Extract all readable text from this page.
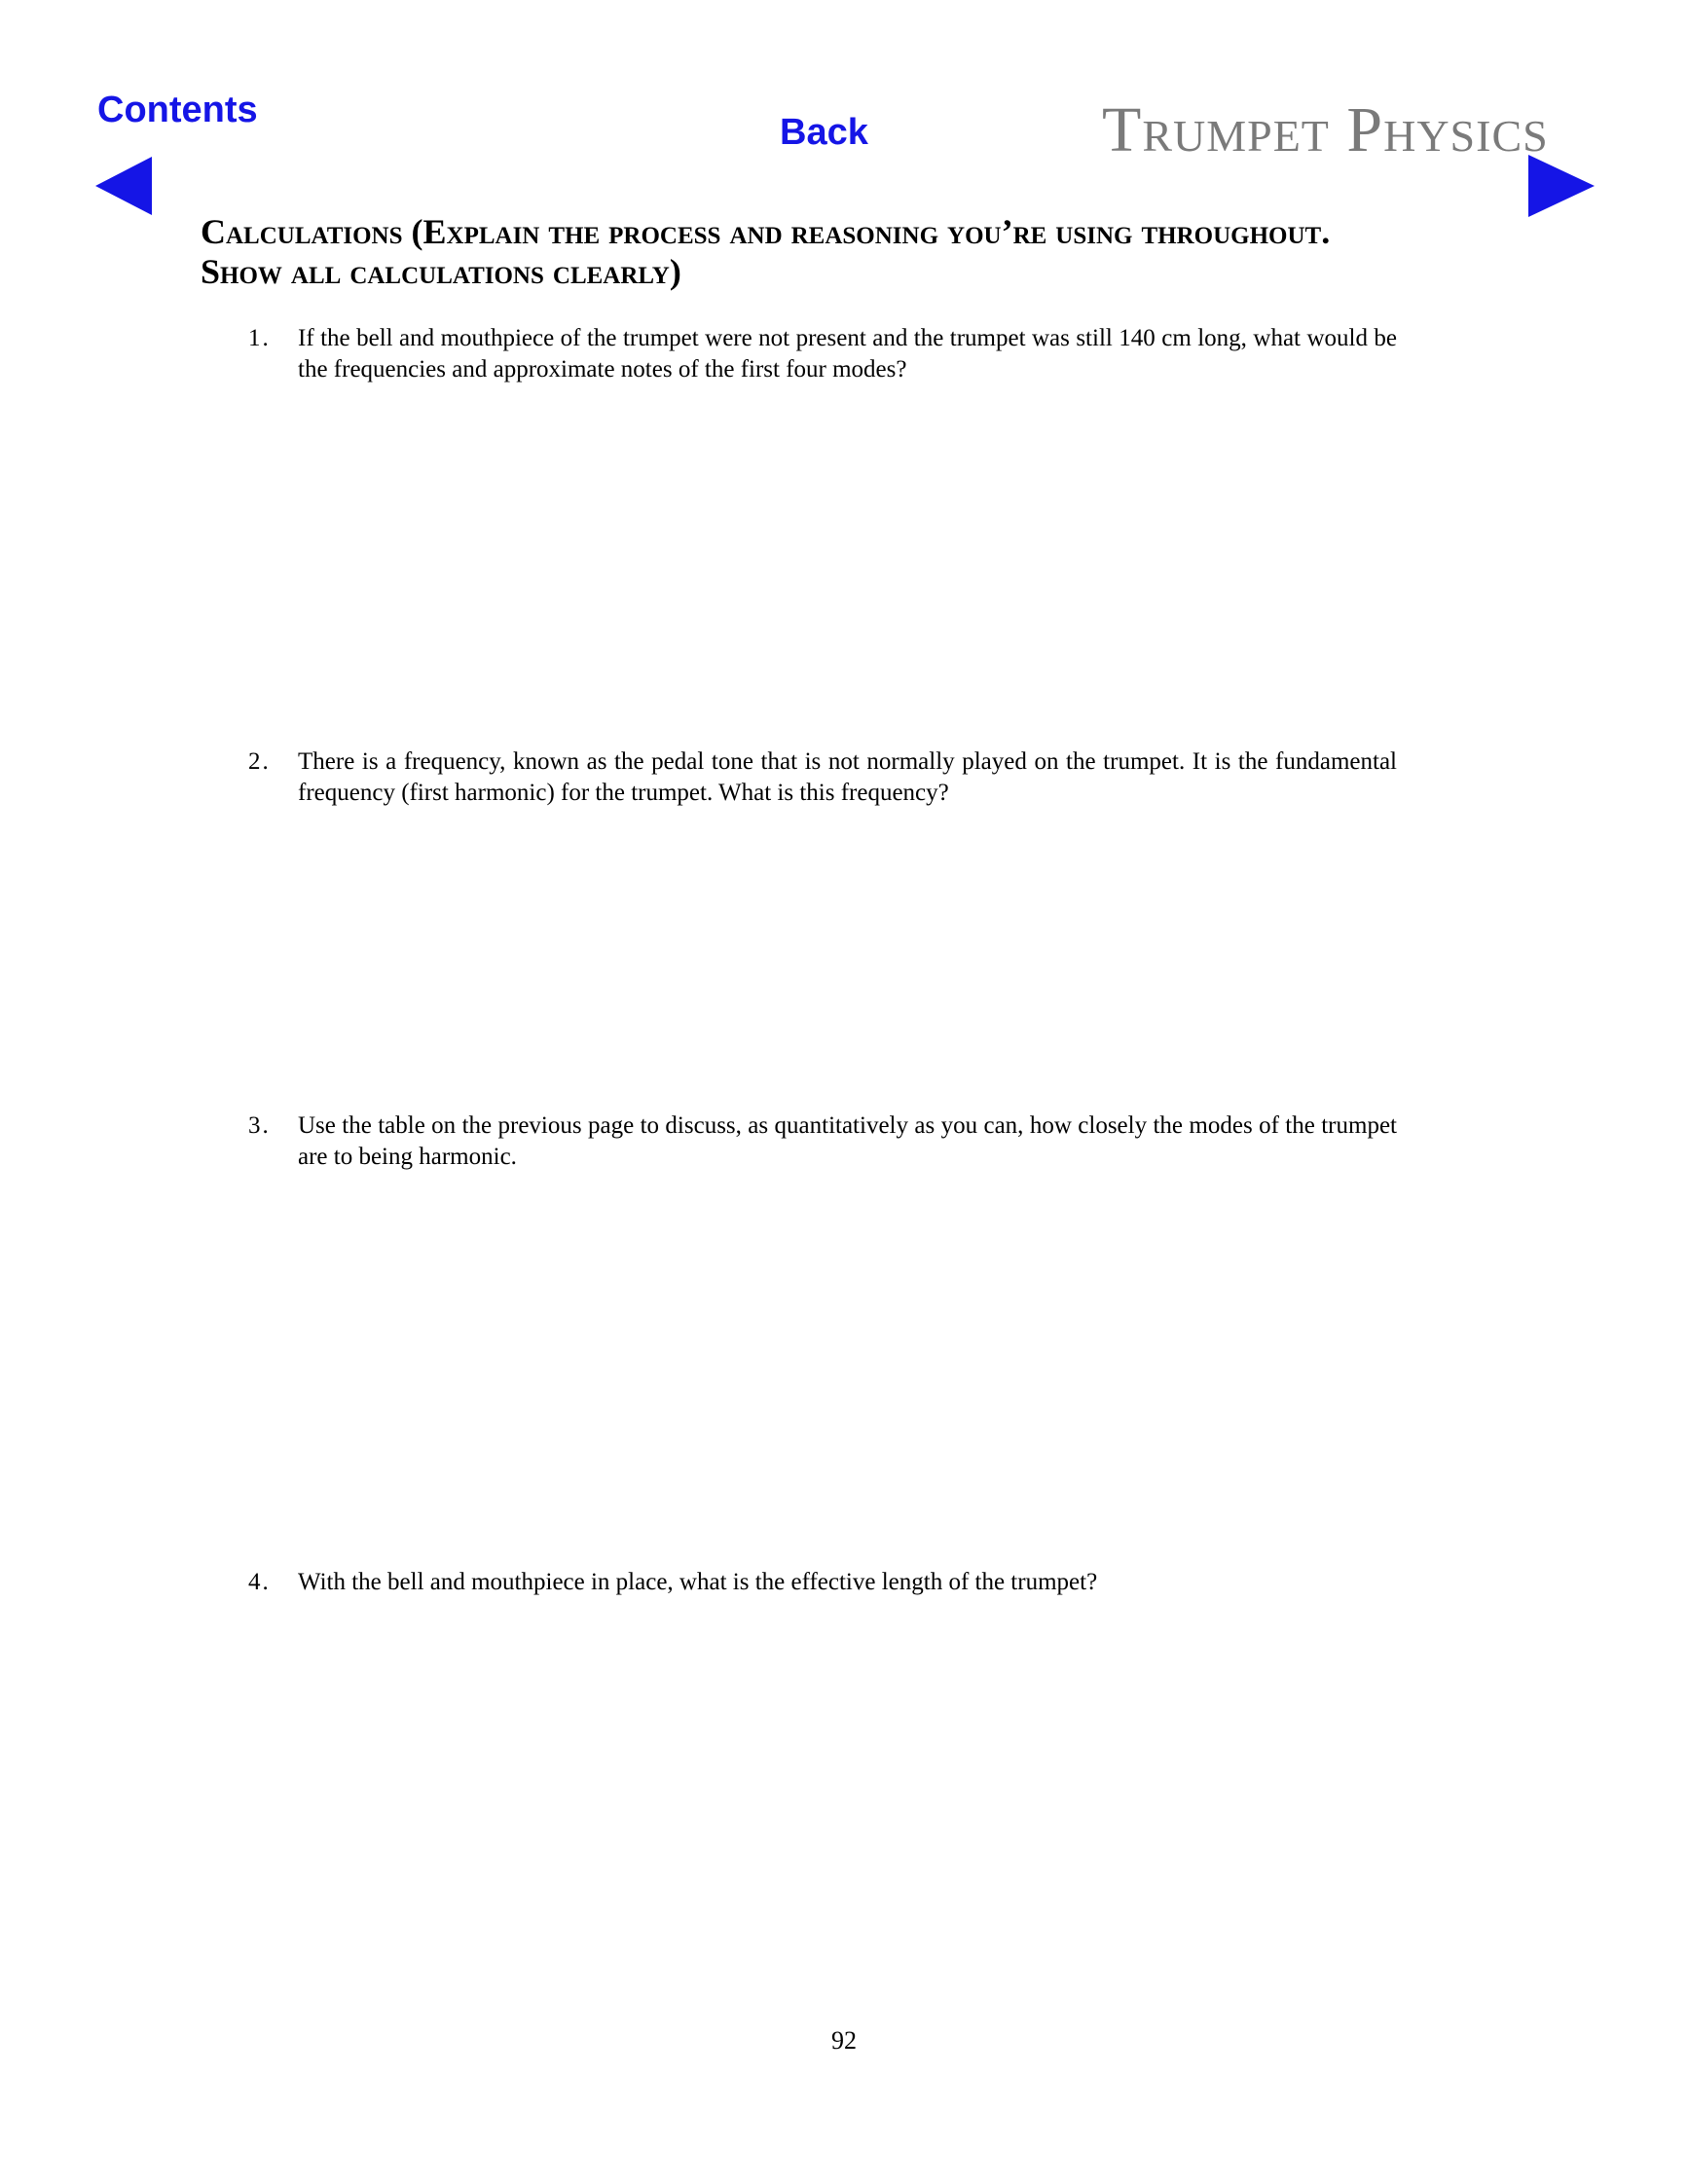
Contents
Back	Trumpet Physics
Calculations (Explain the process and reasoning you’re using throughout. Show all calculations clearly)
1.	If the bell and mouthpiece of the trumpet were not present and the trumpet was still 140 cm long, what would be the frequencies and approximate notes of the first four modes?
2.	There is a frequency, known as the pedal tone that is not normally played on the trumpet. It is the fundamental frequency (first harmonic) for the trumpet. What is this frequency?
3.	Use the table on the previous page to discuss, as quantitatively as you can, how closely the modes of the trumpet are to being harmonic.
4.	With the bell and mouthpiece in place, what is the effective length of the trumpet?
92
